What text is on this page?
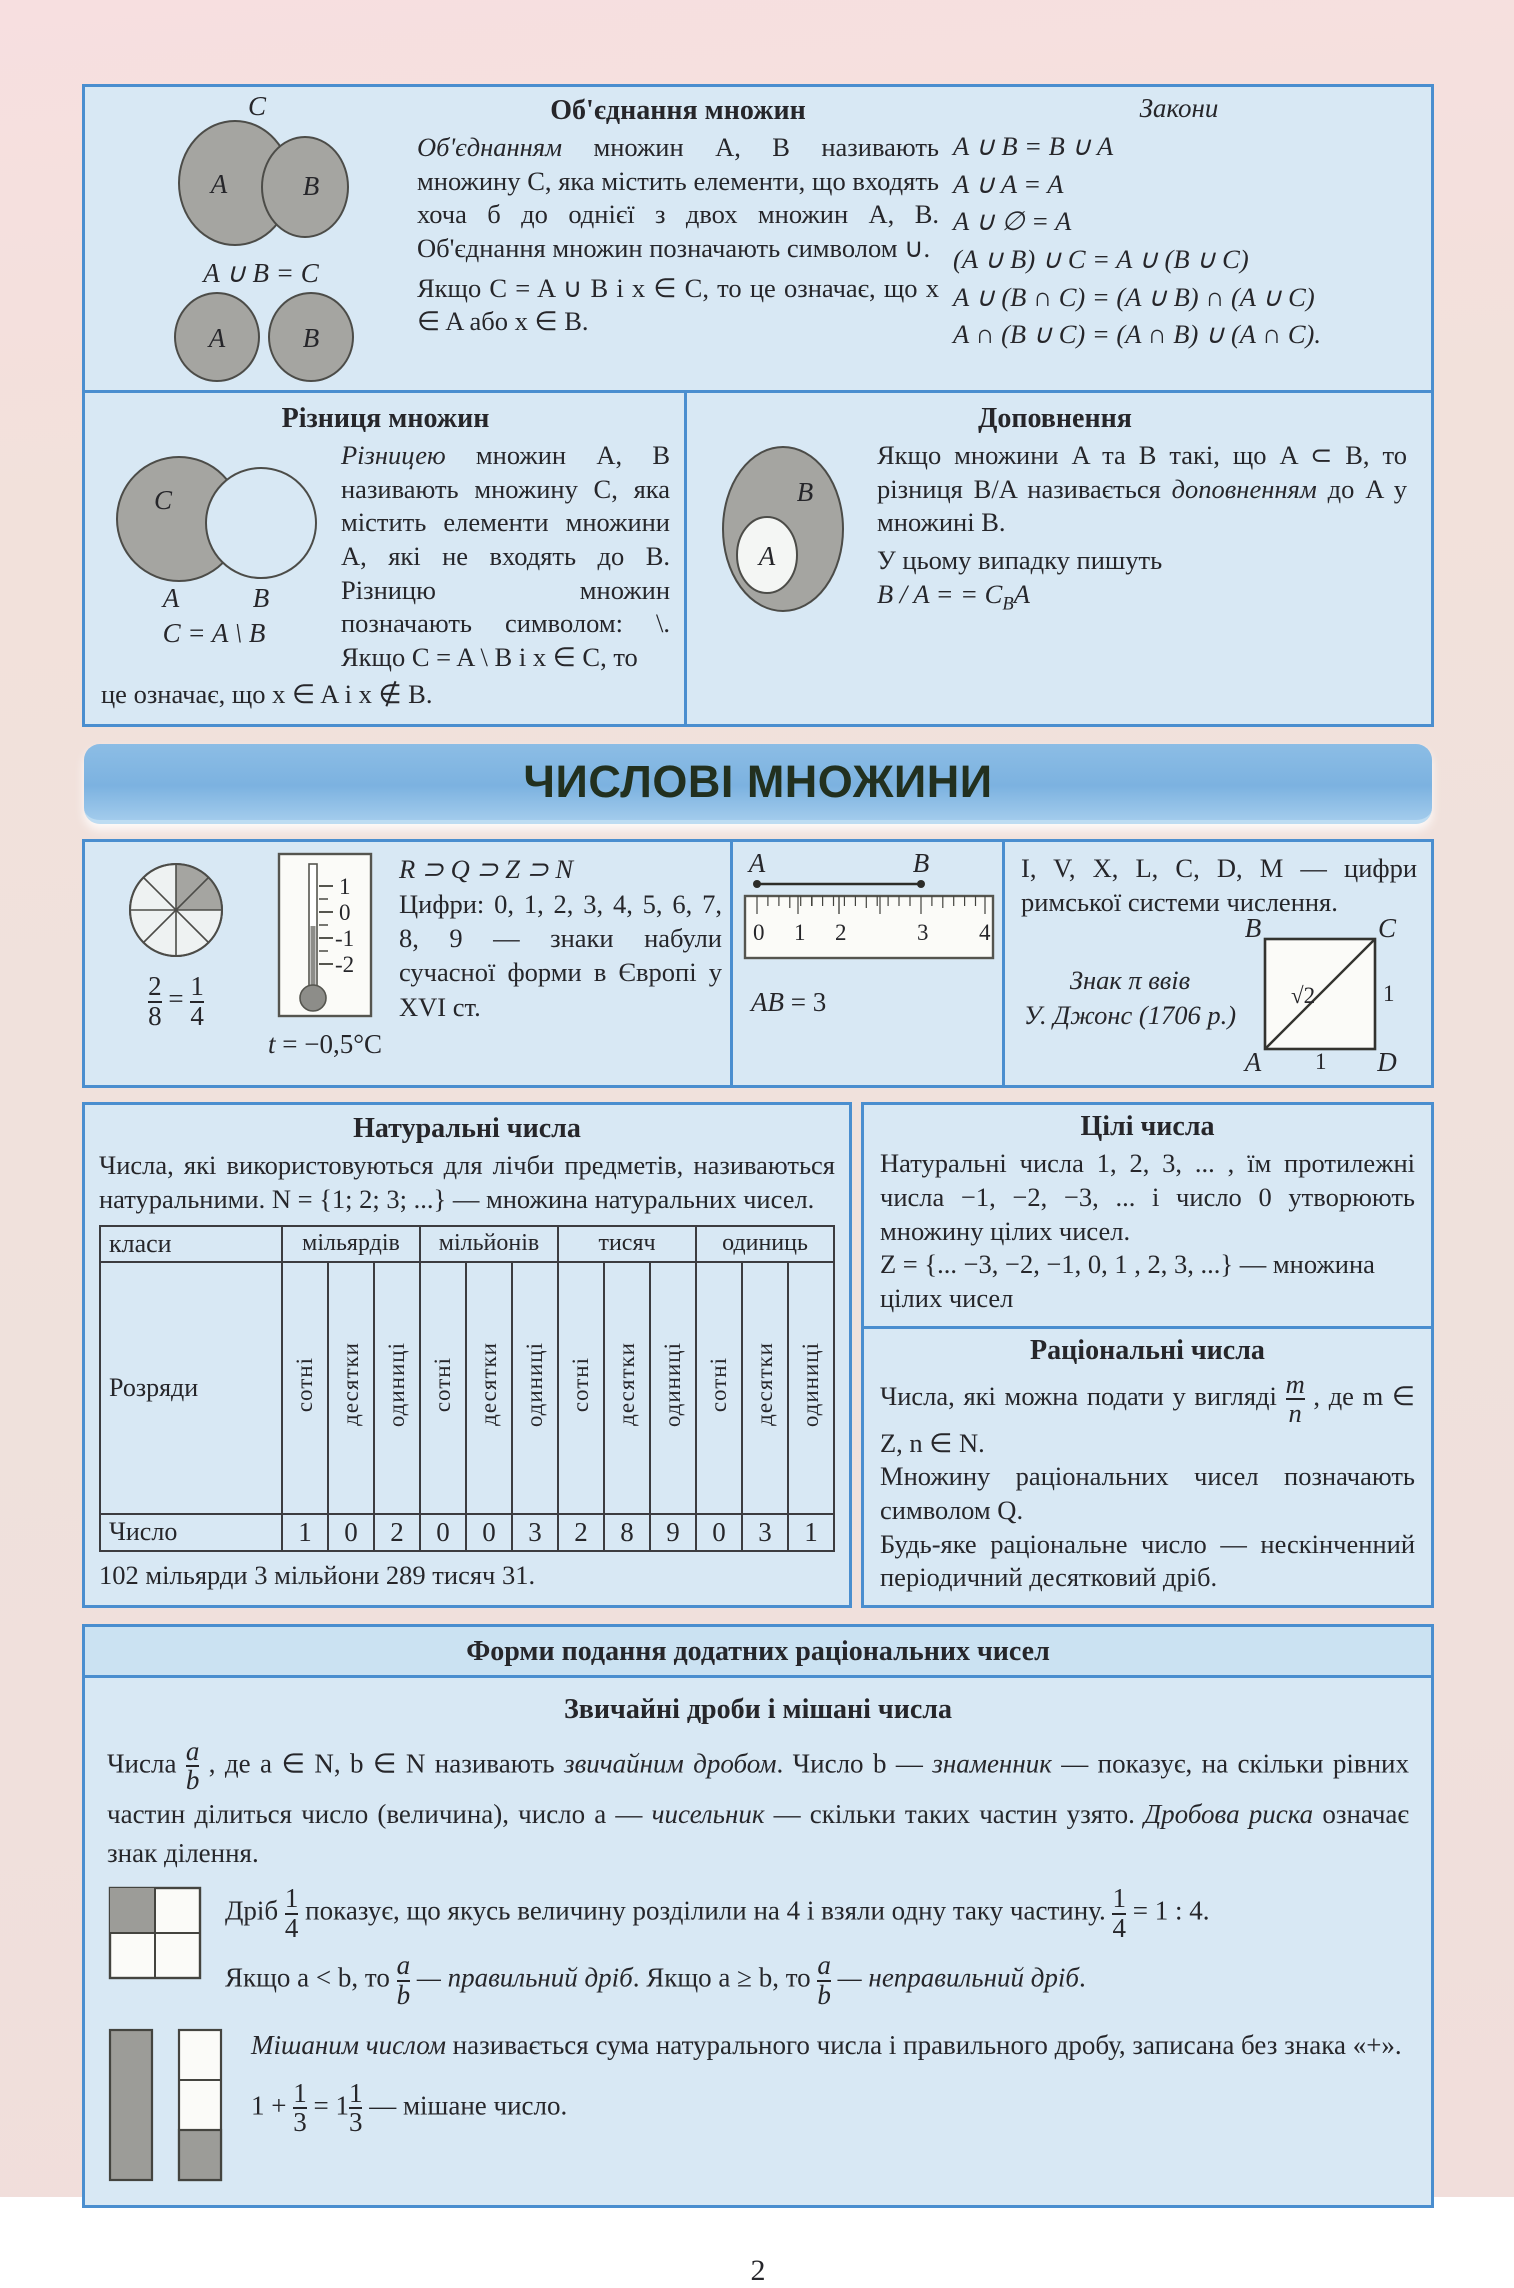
C
A	B
A ∪ B = C
A	B
Об'єднання множин
Об'єднанням множин A, B називають множину C, яка містить елементи, що входять хоча б до однієї з двох множин A, B. Об'єднання множин позначають символом ∪.
Якщо C = A ∪ B і x ∈ C, то це означає, що x ∈ A або x ∈ B.
Закони
A ∪ B = B ∪ A
A ∪ A = A
A ∪ ∅ = A
(A ∪ B) ∪ C = A ∪ (B ∪ C)
A ∪ (B ∩ C) = (A ∪ B) ∩ (A ∪ C)
A ∩ (B ∪ C) = (A ∩ B) ∪ (A ∩ C).
Різниця множин
C
A	B
C = A \ B
Різницею множин A, B називають множину C, яка містить елементи множини A, які не входять до B. Різницю множин позначають символом: \. Якщо C = A \ B і x ∈ C, то
це означає, що x ∈ A і x ∉ B.
Доповнення
B
A
Якщо множини A та B такі, що A ⊂ B, то різниця B/A називається доповненням до A у множині B.
У цьому випадку пишуть
B / A = = $C_BA$
ЧИСЛОВІ МНОЖИНИ
$\frac{2}{8} = \frac{1}{4}$
1
0
-1
-2
t = −0,5°C
R ⊃ Q ⊃ Z ⊃ N
Цифри: 0, 1, 2, 3, 4, 5, 6, 7, 8, 9 — знаки набули сучасної форми в Європі у XVI ст.
A	B
0 1 2	3 4
AB = 3
I, V, X, L, C, D, M — цифри римської системи числення.
Знак π ввів
У. Джонс (1706 р.)
B	C
A	D
√2	1
1
Натуральні числа
Числа, які використовуються для лічби предметів, називаються натуральними. N = {1; 2; 3; ...} — множина натуральних чисел.
класи	мільярдів			мільйонів			тисяч			одиниць		
Розряди	сотні	десятки	одиниці	сотні	десятки	одиниці	сотні	десятки	одиниці	сотні	десятки	одиниці
Число	1	0	2	0	0	3	2	8	9	0	3	1
102 мільярди 3 мільйони 289 тисяч 31.
Цілі числа
Натуральні числа 1, 2, 3, ... , їм протилежні числа −1, −2, −3, ... і число 0 утворюють множину цілих чисел.
Z = {... −3, −2, −1, 0, 1 , 2, 3, ...} — множина цілих чисел
Раціональні числа
Числа, які можна подати у вигляді $\frac{m}{n}$ , де m ∈ Z, n ∈ N.
Множину раціональних чисел позначають символом Q.
Будь-яке раціональне число — нескінченний періодичний десятковий дріб.
Форми подання додатних раціональних чисел
Звичайні дроби і мішані числа
Числа $\frac{a}{b}$ , де a ∈ N, b ∈ N називають звичайним дробом. Число b — знаменник — показує, на скільки рівних частин ділиться число (величина), число a — чисельник — скільки таких частин узято. Дробова риска означає знак ділення.
Дріб $\frac{1}{4}$ показує, що якусь величину розділили на 4 і взяли одну таку частину. $\frac{1}{4} = 1$ : 4.
Якщо a < b, то $\frac{a}{b}$ — правильний дріб. Якщо a ≥ b, то $\frac{a}{b}$ — неправильний дріб.
Мішаним числом називається сума натурального числа і правильного дробу, записана без знака «+».
$1 + \frac{1}{3} = 1 \frac{1}{3}$ — мішане число.
2
